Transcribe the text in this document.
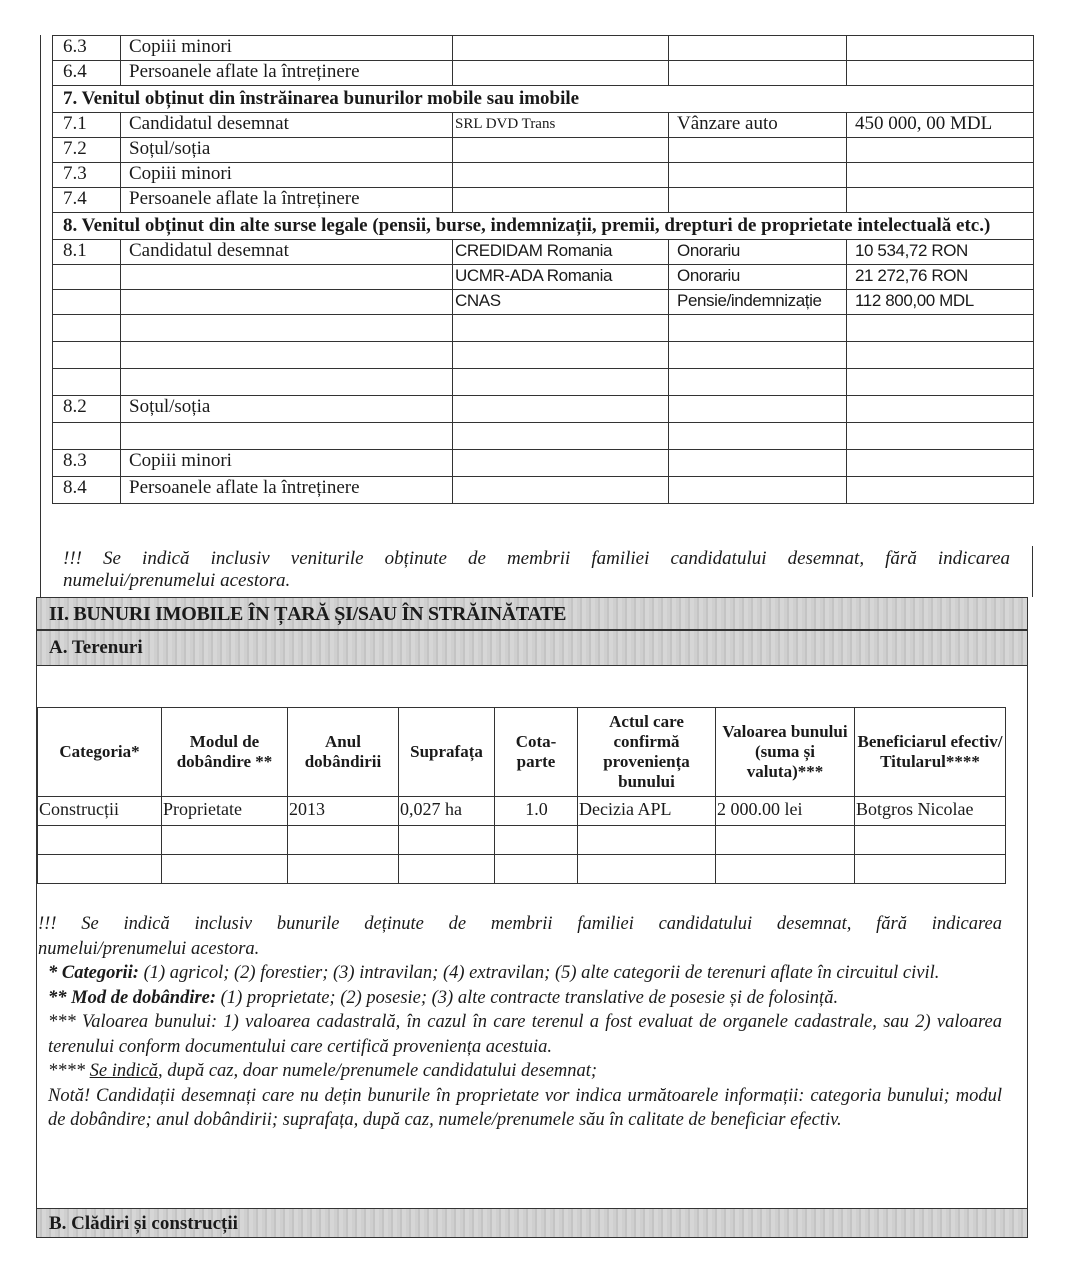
6.3	Copiii minori			
6.4	Persoanele aflate la întreținere			
7. Venitul obținut din înstrăinarea bunurilor mobile sau imobile				
7.1	Candidatul desemnat	SRL DVD Trans	Vânzare auto	450 000, 00 MDL
7.2	Soțul/soția			
7.3	Copiii minori			
7.4	Persoanele aflate la întreținere			
8. Venitul obținut din alte surse legale (pensii, burse, indemnizații, premii, drepturi de proprietate intelectuală etc.)				
8.1	Candidatul desemnat	CREDIDAM Romania	Onorariu	10 534,72 RON
		UCMR-ADA Romania	Onorariu	21 272,76 RON
		CNAS	Pensie/indemnizație	112 800,00 MDL

8.2	Soțul/soția			

8.3	Copiii minori			
8.4	Persoanele aflate la întreținere			
!!! Se indică inclusiv veniturile obținute de membrii familiei candidatului desemnat, fără indicarea
numelui/prenumelui acestora.
II. BUNURI IMOBILE ÎN ȚARĂ ȘI/SAU ÎN STRĂINĂTATE
A. Terenuri
Categoria*	Modul de dobândire **	Anul dobândirii	Suprafața	Cota-parte	Actul care confirmă proveniența bunului	Valoarea bunului (suma și valuta)***	Beneficiarul efectiv/ Titularul****
Construcții	Proprietate	2013	0,027 ha	1.0	Decizia APL	2 000.00 lei	Botgros Nicolae

!!! Se indică inclusiv bunurile deținute de membrii familiei candidatului desemnat, fără indicarea

numelui/prenumelui acestora.

* Categorii: (1) agricol; (2) forestier; (3) intravilan; (4) extravilan; (5) alte categorii de terenuri aflate în circuitul civil.

** Mod de dobândire: (1) proprietate; (2) posesie; (3) alte contracte translative de posesie și de folosință.

*** Valoarea bunului: 1) valoarea cadastrală, în cazul în care terenul a fost evaluat de organele cadastrale, sau 2) valoarea terenului conform documentului care certifică proveniența acestuia.

**** Se indică, după caz, doar numele/prenumele candidatului desemnat;

Notă! Candidații desemnați care nu dețin bunurile în proprietate vor indica următoarele informații: categoria bunului; modul de dobândire; anul dobândirii; suprafața, după caz, numele/prenumele său în calitate de beneficiar efectiv.

B. Clădiri și construcții
